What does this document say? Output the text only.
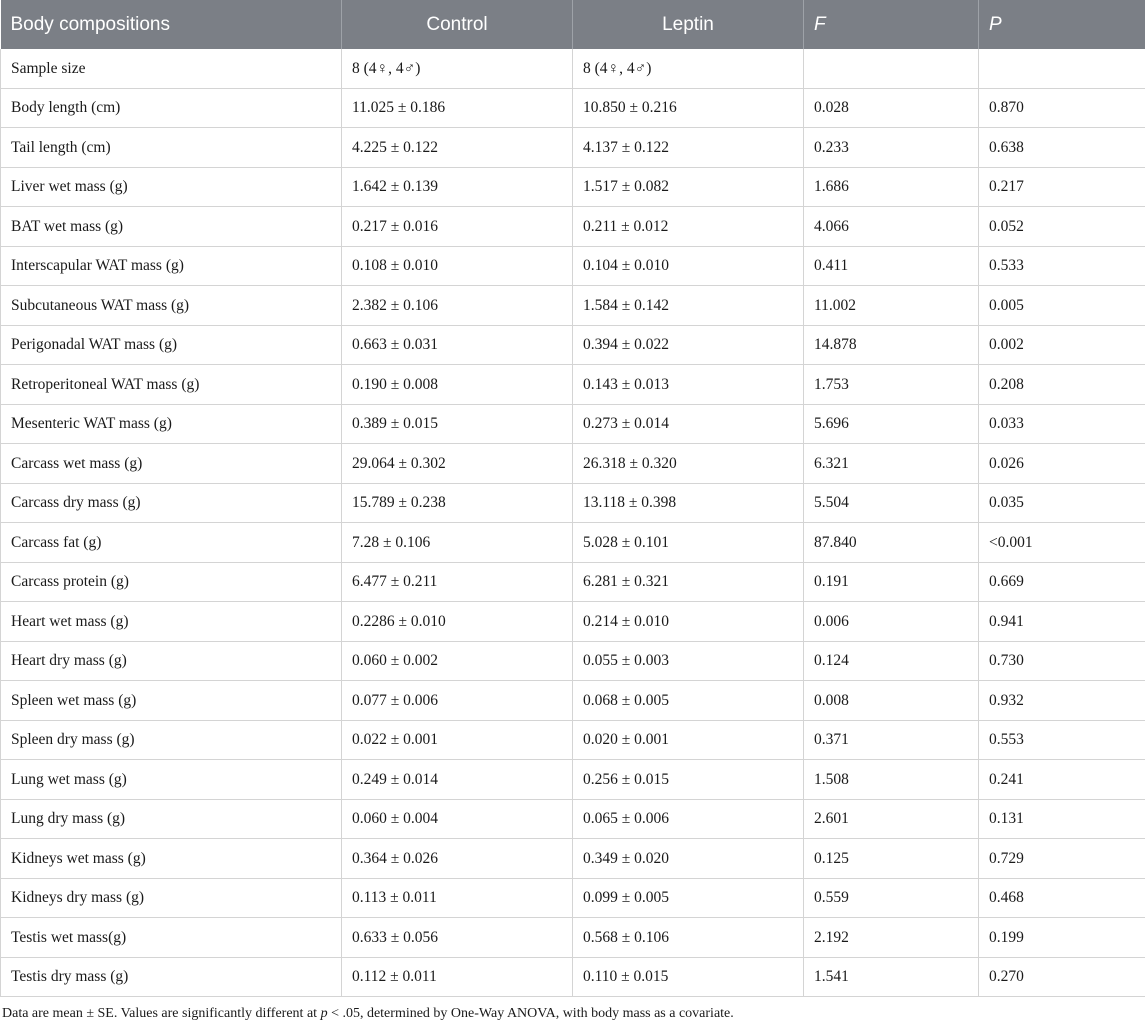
Body compositions	Control	Leptin	F	P
Sample size	8 (4♀, 4♂)	8 (4♀, 4♂)		
Body length (cm)	11.025 ± 0.186	10.850 ± 0.216	0.028	0.870
Tail length (cm)	4.225 ± 0.122	4.137 ± 0.122	0.233	0.638
Liver wet mass (g)	1.642 ± 0.139	1.517 ± 0.082	1.686	0.217
BAT wet mass (g)	0.217 ± 0.016	0.211 ± 0.012	4.066	0.052
Interscapular WAT mass (g)	0.108 ± 0.010	0.104 ± 0.010	0.411	0.533
Subcutaneous WAT mass (g)	2.382 ± 0.106	1.584 ± 0.142	11.002	0.005
Perigonadal WAT mass (g)	0.663 ± 0.031	0.394 ± 0.022	14.878	0.002
Retroperitoneal WAT mass (g)	0.190 ± 0.008	0.143 ± 0.013	1.753	0.208
Mesenteric WAT mass (g)	0.389 ± 0.015	0.273 ± 0.014	5.696	0.033
Carcass wet mass (g)	29.064 ± 0.302	26.318 ± 0.320	6.321	0.026
Carcass dry mass (g)	15.789 ± 0.238	13.118 ± 0.398	5.504	0.035
Carcass fat (g)	7.28 ± 0.106	5.028 ± 0.101	87.840	<0.001
Carcass protein (g)	6.477 ± 0.211	6.281 ± 0.321	0.191	0.669
Heart wet mass (g)	0.2286 ± 0.010	0.214 ± 0.010	0.006	0.941
Heart dry mass (g)	0.060 ± 0.002	0.055 ± 0.003	0.124	0.730
Spleen wet mass (g)	0.077 ± 0.006	0.068 ± 0.005	0.008	0.932
Spleen dry mass (g)	0.022 ± 0.001	0.020 ± 0.001	0.371	0.553
Lung wet mass (g)	0.249 ± 0.014	0.256 ± 0.015	1.508	0.241
Lung dry mass (g)	0.060 ± 0.004	0.065 ± 0.006	2.601	0.131
Kidneys wet mass (g)	0.364 ± 0.026	0.349 ± 0.020	0.125	0.729
Kidneys dry mass (g)	0.113 ± 0.011	0.099 ± 0.005	0.559	0.468
Testis wet mass(g)	0.633 ± 0.056	0.568 ± 0.106	2.192	0.199
Testis dry mass (g)	0.112 ± 0.011	0.110 ± 0.015	1.541	0.270
Data are mean ± SE. Values are significantly different at p < .05, determined by One-Way ANOVA, with body mass as a covariate.
